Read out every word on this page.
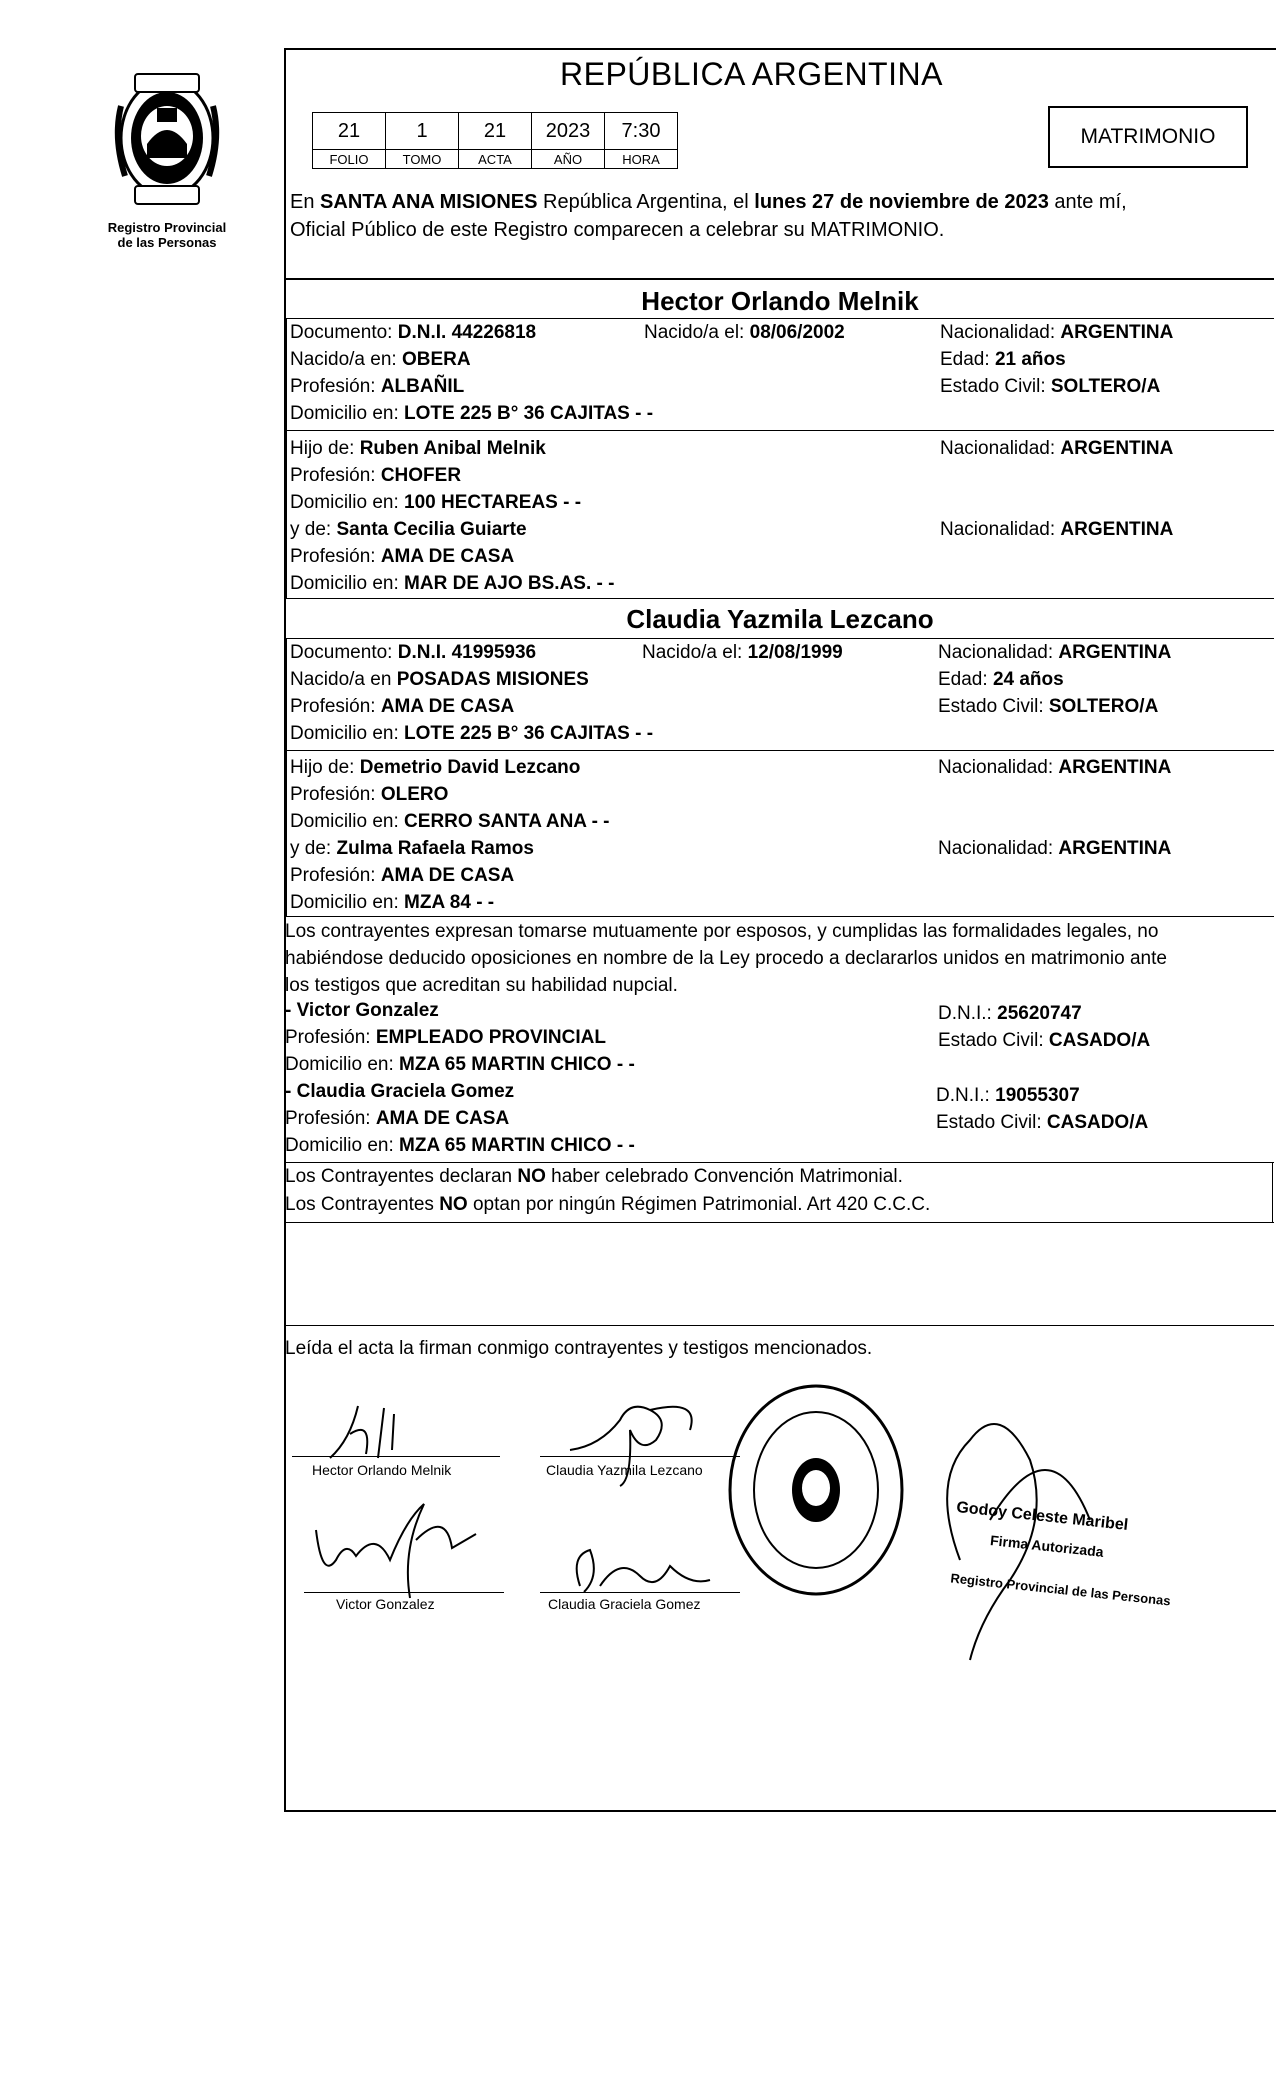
Registro Provincial
de las Personas
REPÚBLICA ARGENTINA
21	1	21	2023	7:30
FOLIO	TOMO	ACTA	AÑO	HORA
MATRIMONIO
En SANTA ANA MISIONES República Argentina, el lunes 27 de noviembre de 2023 ante mí,
Oficial Público de este Registro comparecen a celebrar su MATRIMONIO.
Hector Orlando Melnik
Documento: D.N.I. 44226818	Nacido/a el: 08/06/2002	Nacionalidad: ARGENTINA
Nacido/a en: OBERA	Edad: 21 años
Profesión: ALBAÑIL	Estado Civil: SOLTERO/A
Domicilio en: LOTE 225 B° 36 CAJITAS - -
Hijo de: Ruben Anibal Melnik	Nacionalidad: ARGENTINA
Profesión: CHOFER
Domicilio en: 100 HECTAREAS - -
y de: Santa Cecilia Guiarte	Nacionalidad: ARGENTINA
Profesión: AMA DE CASA
Domicilio en: MAR DE AJO BS.AS. - -
Claudia Yazmila Lezcano
Documento: D.N.I. 41995936	Nacido/a el: 12/08/1999	Nacionalidad: ARGENTINA
Nacido/a en POSADAS MISIONES	Edad: 24 años
Profesión: AMA DE CASA	Estado Civil: SOLTERO/A
Domicilio en: LOTE 225 B° 36 CAJITAS - -
Hijo de: Demetrio David Lezcano	Nacionalidad: ARGENTINA
Profesión: OLERO
Domicilio en: CERRO SANTA ANA - -
y de: Zulma Rafaela Ramos	Nacionalidad: ARGENTINA
Profesión: AMA DE CASA
Domicilio en: MZA 84 - -
Los contrayentes expresan tomarse mutuamente por esposos, y cumplidas las formalidades legales, no
habiéndose deducido oposiciones en nombre de la Ley procedo a declararlos unidos en matrimonio ante
los testigos que acreditan su habilidad nupcial.
- Victor Gonzalez	D.N.I.: 25620747
Profesión: EMPLEADO PROVINCIAL	Estado Civil: CASADO/A
Domicilio en: MZA 65 MARTIN CHICO - -
- Claudia Graciela Gomez	D.N.I.: 19055307
Profesión: AMA DE CASA	Estado Civil: CASADO/A
Domicilio en: MZA 65 MARTIN CHICO - -
Los Contrayentes declaran NO haber celebrado Convención Matrimonial.
Los Contrayentes NO optan por ningún Régimen Patrimonial. Art 420 C.C.C.
Leída el acta la firman conmigo contrayentes y testigos mencionados.
Hector Orlando Melnik	Claudia Yazmila Lezcano
Victor Gonzalez	Claudia Graciela Gomez
Godoy Celeste Maribel
Firma Autorizada
Registro Provincial de las Personas
